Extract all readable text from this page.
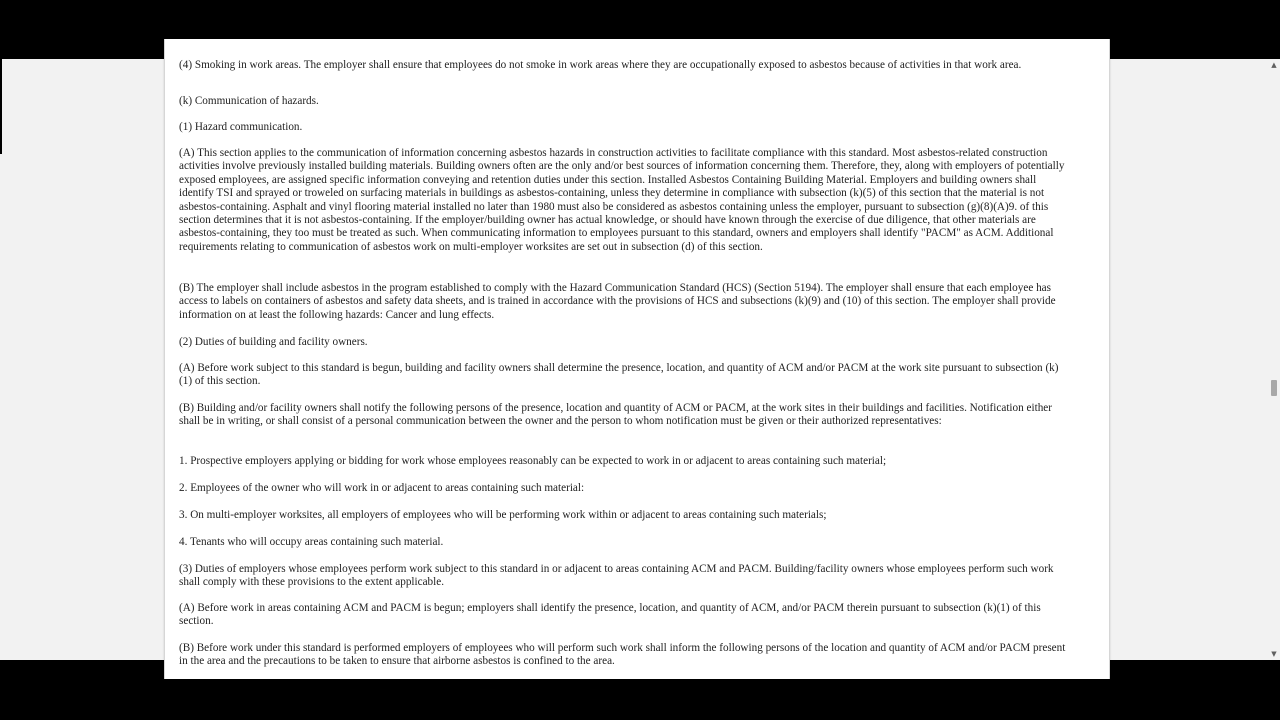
(4) Smoking in work areas. The employer shall ensure that employees do not smoke in work areas where they are occupationally exposed to asbestos because of activities in that work area.

(k) Communication of hazards.

(1) Hazard communication.

(A) This section applies to the communication of information concerning asbestos hazards in construction activities to facilitate compliance with this standard. Most asbestos-related construction activities involve previously installed building materials. Building owners often are the only and/or best sources of information concerning them. Therefore, they, along with employers of potentially exposed employees, are assigned specific information conveying and retention duties under this section. Installed Asbestos Containing Building Material. Employers and building owners shall identify TSI and sprayed or troweled on surfacing materials in buildings as asbestos-containing, unless they determine in compliance with subsection (k)(5) of this section that the material is not asbestos-containing. Asphalt and vinyl flooring material installed no later than 1980 must also be considered as asbestos containing unless the employer, pursuant to subsection (g)(8)(A)9. of this section determines that it is not asbestos-containing. If the employer/building owner has actual knowledge, or should have known through the exercise of due diligence, that other materials are asbestos-containing, they too must be treated as such. When communicating information to employees pursuant to this standard, owners and employers shall identify "PACM" as ACM. Additional requirements relating to communication of asbestos work on multi-employer worksites are set out in subsection (d) of this section.

(B) The employer shall include asbestos in the program established to comply with the Hazard Communication Standard (HCS) (Section 5194). The employer shall ensure that each employee has access to labels on containers of asbestos and safety data sheets, and is trained in accordance with the provisions of HCS and subsections (k)(9) and (10) of this section. The employer shall provide information on at least the following hazards: Cancer and lung effects.

(2) Duties of building and facility owners.

(A) Before work subject to this standard is begun, building and facility owners shall determine the presence, location, and quantity of ACM and/or PACM at the work site pursuant to subsection (k)(1) of this section.

(B) Building and/or facility owners shall notify the following persons of the presence, location and quantity of ACM or PACM, at the work sites in their buildings and facilities. Notification either shall be in writing, or shall consist of a personal communication between the owner and the person to whom notification must be given or their authorized representatives:

1. Prospective employers applying or bidding for work whose employees reasonably can be expected to work in or adjacent to areas containing such material;

2. Employees of the owner who will work in or adjacent to areas containing such material:

3. On multi-employer worksites, all employers of employees who will be performing work within or adjacent to areas containing such materials;

4. Tenants who will occupy areas containing such material.

(3) Duties of employers whose employees perform work subject to this standard in or adjacent to areas containing ACM and PACM. Building/facility owners whose employees perform such work shall comply with these provisions to the extent applicable.

(A) Before work in areas containing ACM and PACM is begun; employers shall identify the presence, location, and quantity of ACM, and/or PACM therein pursuant to subsection (k)(1) of this section.

(B) Before work under this standard is performed employers of employees who will perform such work shall inform the following persons of the location and quantity of ACM and/or PACM present in the area and the precautions to be taken to ensure that airborne asbestos is confined to the area.

▲
▼
